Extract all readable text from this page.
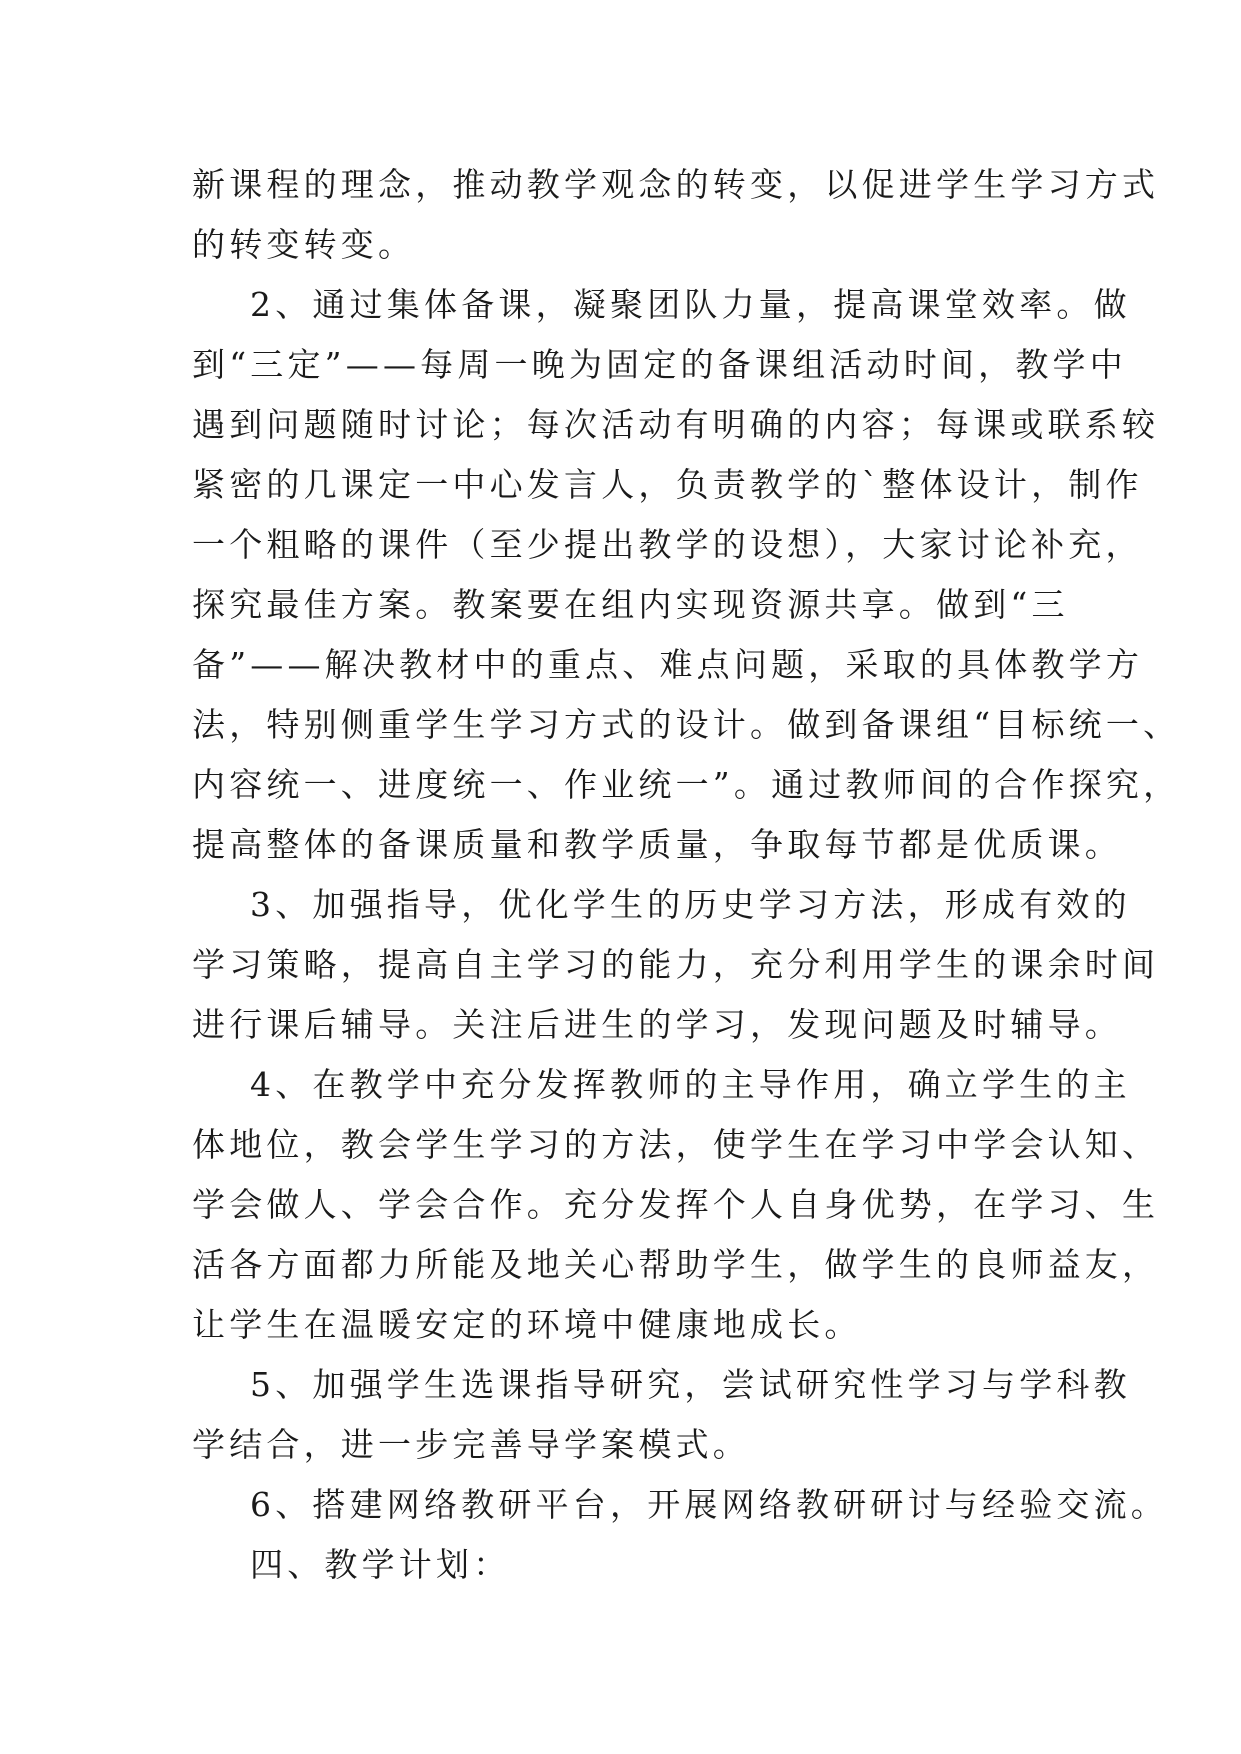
新课程的理念，推动教学观念的转变，以促进学生学习方式
的转变转变。
2、通过集体备课，凝聚团队力量，提高课堂效率。做
到“三定”——每周一晚为固定的备课组活动时间，教学中
遇到问题随时讨论；每次活动有明确的内容；每课或联系较
紧密的几课定一中心发言人，负责教学的`整体设计，制作
一个粗略的课件（至少提出教学的设想），大家讨论补充，
探究最佳方案。教案要在组内实现资源共享。做到“三
备”——解决教材中的重点、难点问题，采取的具体教学方
法，特别侧重学生学习方式的设计。做到备课组“目标统一、
内容统一、进度统一、作业统一”。通过教师间的合作探究，
提高整体的备课质量和教学质量，争取每节都是优质课。
3、加强指导，优化学生的历史学习方法，形成有效的
学习策略，提高自主学习的能力，充分利用学生的课余时间
进行课后辅导。关注后进生的学习，发现问题及时辅导。
4、在教学中充分发挥教师的主导作用，确立学生的主
体地位，教会学生学习的方法，使学生在学习中学会认知、
学会做人、学会合作。充分发挥个人自身优势，在学习、生
活各方面都力所能及地关心帮助学生，做学生的良师益友，
让学生在温暖安定的环境中健康地成长。
5、加强学生选课指导研究，尝试研究性学习与学科教
学结合，进一步完善导学案模式。
6、搭建网络教研平台，开展网络教研研讨与经验交流。
四、教学计划：
